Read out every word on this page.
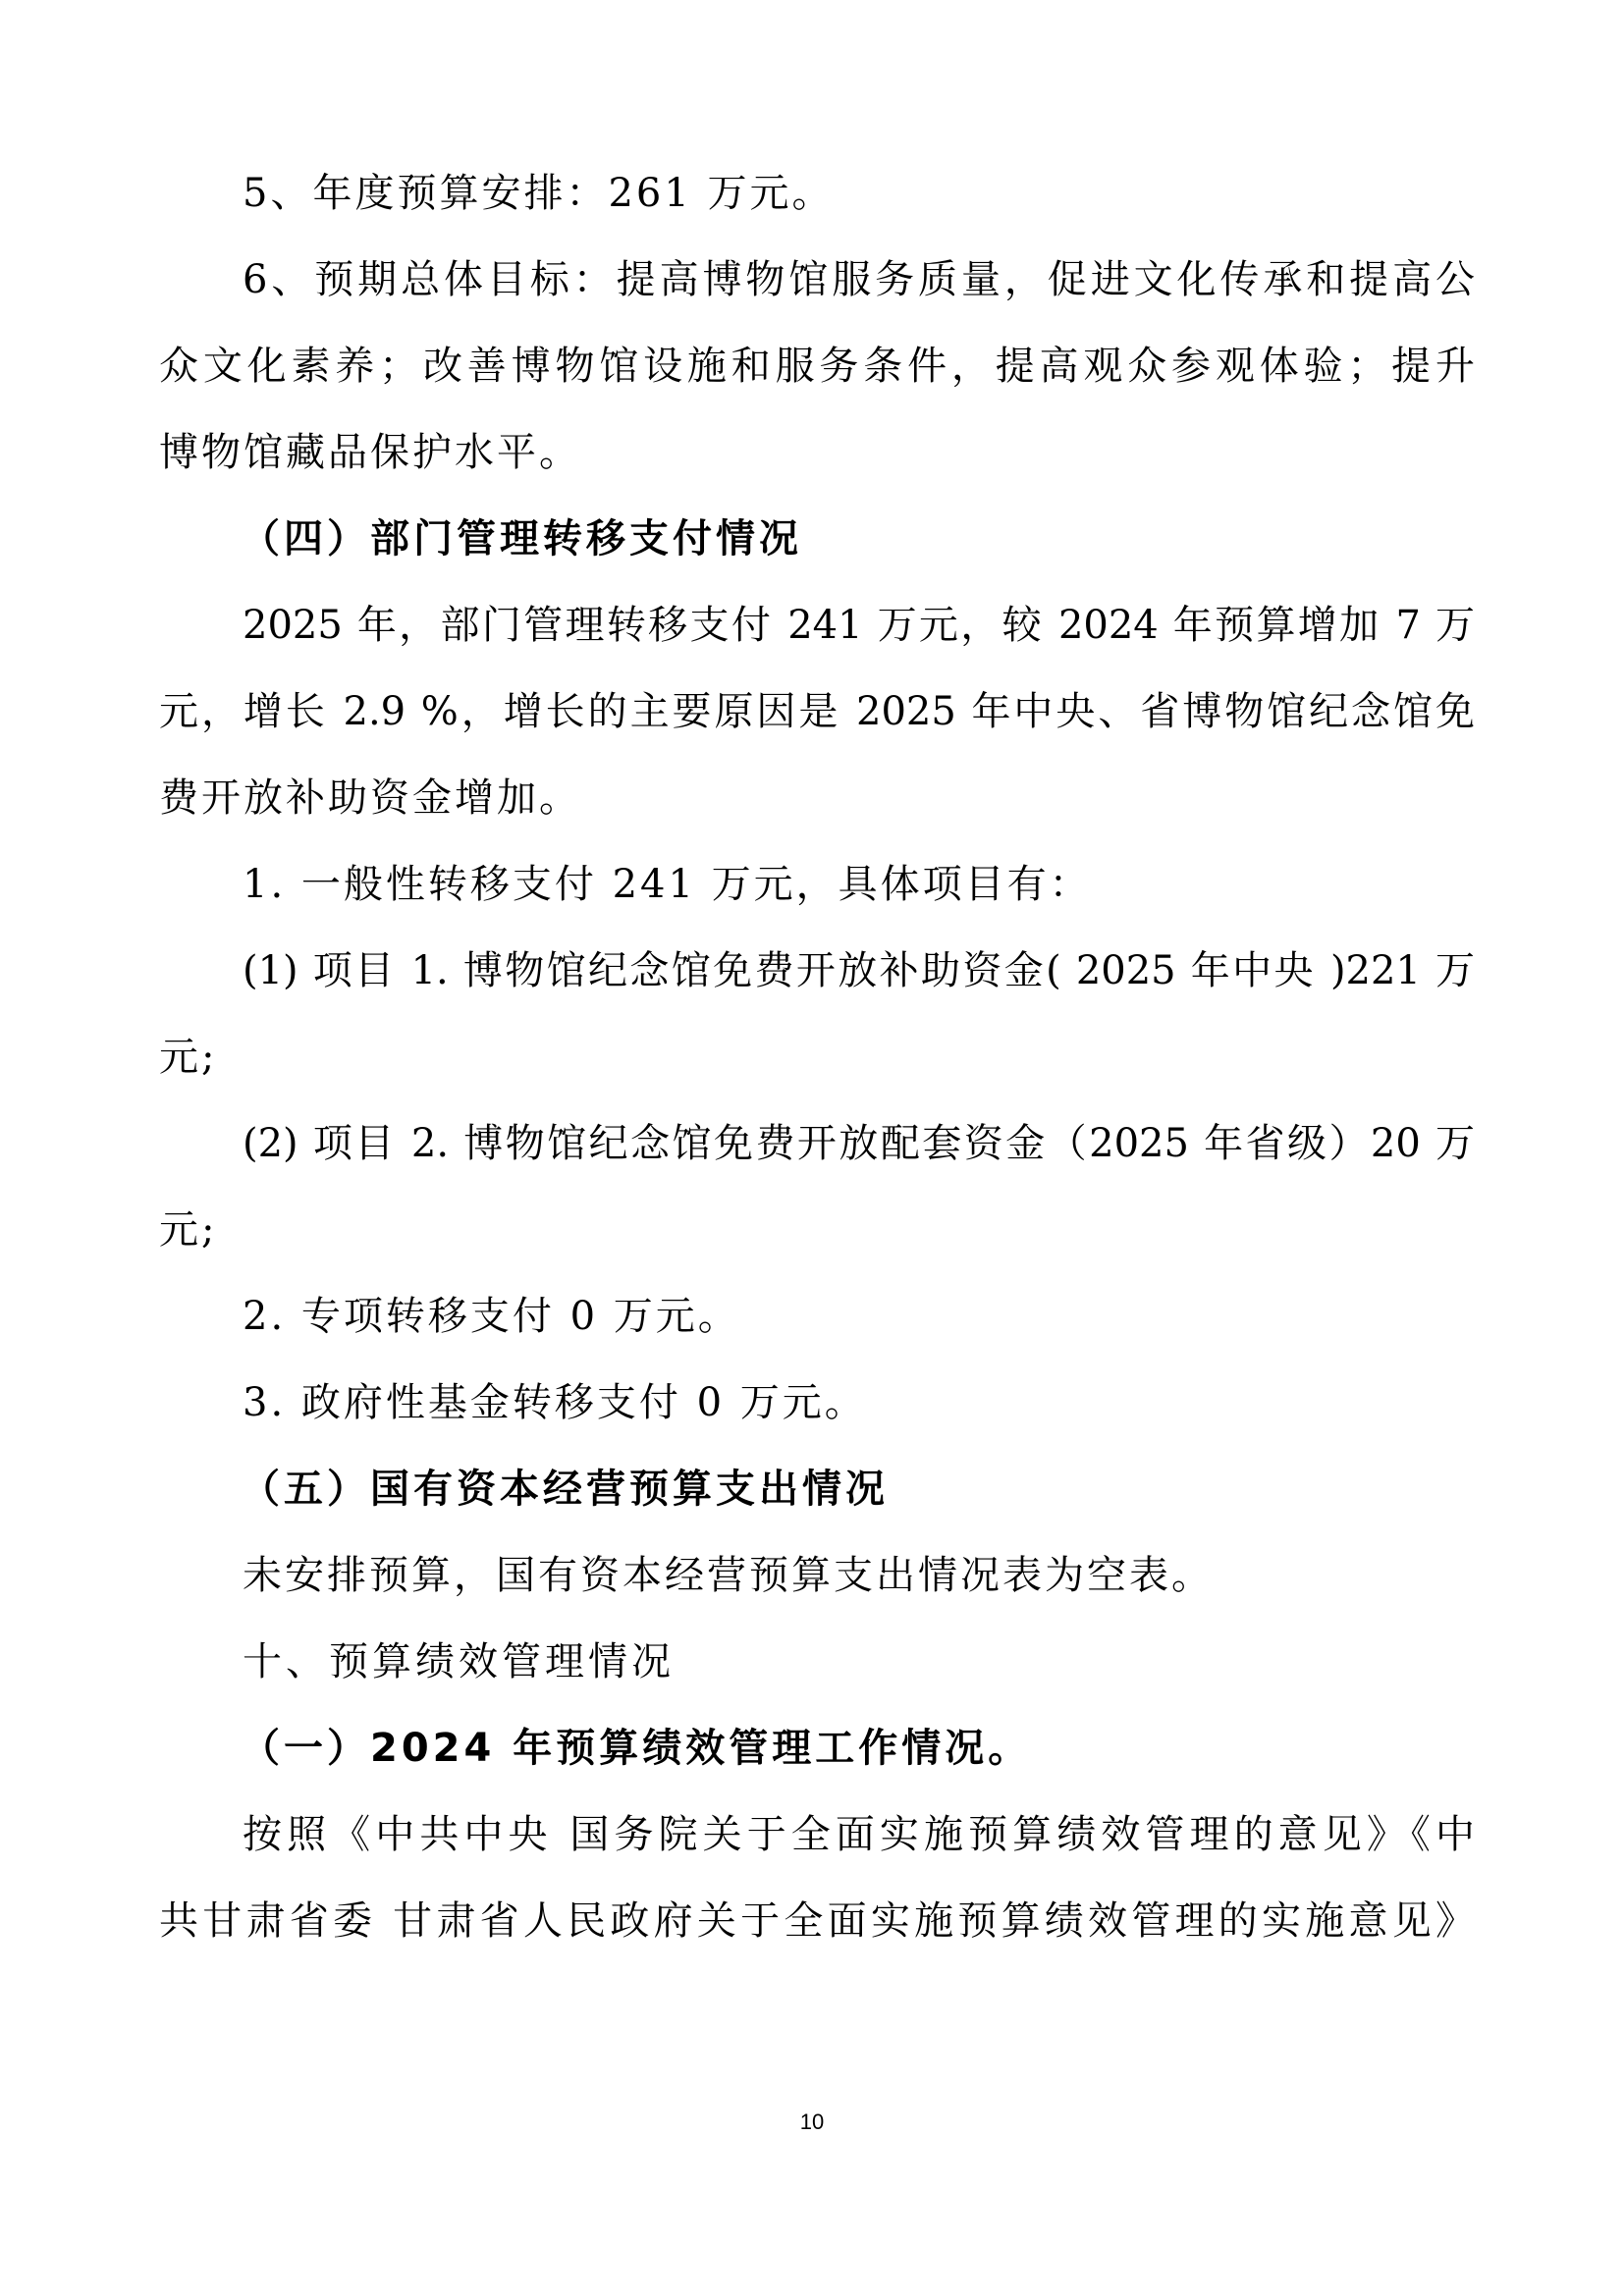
5、年度预算安排：261 万元。
6、预期总体目标：提高博物馆服务质量，促进文化传承和提高公
众文化素养；改善博物馆设施和服务条件，提高观众参观体验；提升
博物馆藏品保护水平。
（四）部门管理转移支付情况
2025 年，部门管理转移支付 241 万元，较 2024 年预算增加 7 万
元，增长 2.9 %，增长的主要原因是 2025 年中央、省博物馆纪念馆免
费开放补助资金增加。
1. 一般性转移支付 241 万元，具体项目有：
(1) 项目 1. 博物馆纪念馆免费开放补助资金( 2025 年中央 )221 万
元;
(2) 项目 2. 博物馆纪念馆免费开放配套资金（2025 年省级）20 万
元;
2. 专项转移支付 0 万元。
3. 政府性基金转移支付 0 万元。
（五）国有资本经营预算支出情况
未安排预算，国有资本经营预算支出情况表为空表。
十、预算绩效管理情况
（一）2024 年预算绩效管理工作情况。
按照《中共中央 国务院关于全面实施预算绩效管理的意见》《中
共甘肃省委 甘肃省人民政府关于全面实施预算绩效管理的实施意见》
10
